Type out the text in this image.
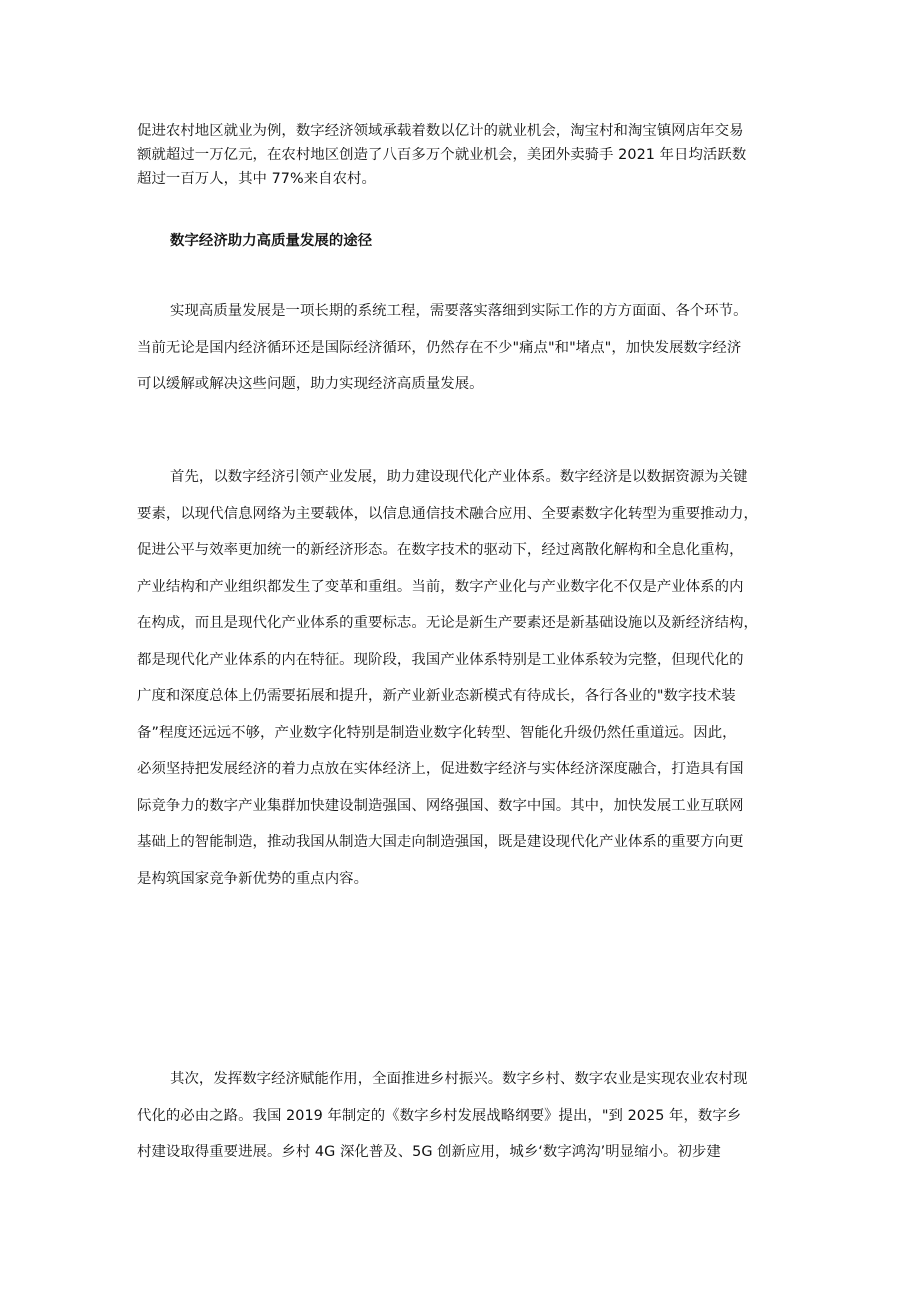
促进农村地区就业为例，数字经济领域承载着数以亿计的就业机会，淘宝村和淘宝镇网店年交易
额就超过一万亿元，在农村地区创造了八百多万个就业机会，美团外卖骑手 2021 年日均活跃数
超过一百万人，其中 77%来自农村。
数字经济助力高质量发展的途径
实现高质量发展是一项长期的系统工程，需要落实落细到实际工作的方方面面、各个环节。
当前无论是国内经济循环还是国际经济循环，仍然存在不少"痛点"和"堵点"，加快发展数字经济
可以缓解或解决这些问题，助力实现经济高质量发展。
首先，以数字经济引领产业发展，助力建设现代化产业体系。数字经济是以数据资源为关键
要素，以现代信息网络为主要载体，以信息通信技术融合应用、全要素数字化转型为重要推动力，
促进公平与效率更加统一的新经济形态。在数字技术的驱动下，经过离散化解构和全息化重构，
产业结构和产业组织都发生了变革和重组。当前，数字产业化与产业数字化不仅是产业体系的内
在构成，而且是现代化产业体系的重要标志。无论是新生产要素还是新基础设施以及新经济结构，
都是现代化产业体系的内在特征。现阶段，我国产业体系特别是工业体系较为完整，但现代化的
广度和深度总体上仍需要拓展和提升，新产业新业态新模式有待成长，各行各业的"数字技术装
备”程度还远远不够，产业数字化特别是制造业数字化转型、智能化升级仍然任重道远。因此，
必须坚持把发展经济的着力点放在实体经济上，促进数字经济与实体经济深度融合，打造具有国
际竞争力的数字产业集群加快建设制造强国、网络强国、数字中国。其中，加快发展工业互联网
基础上的智能制造，推动我国从制造大国走向制造强国，既是建设现代化产业体系的重要方向更
是构筑国家竞争新优势的重点内容。
其次，发挥数字经济赋能作用，全面推进乡村振兴。数字乡村、数字农业是实现农业农村现
代化的必由之路。我国 2019 年制定的《数字乡村发展战略纲要》提出，"到 2025 年，数字乡
村建设取得重要进展。乡村 4G 深化普及、5G 创新应用，城乡‘数字鸿沟’明显缩小。初步建
